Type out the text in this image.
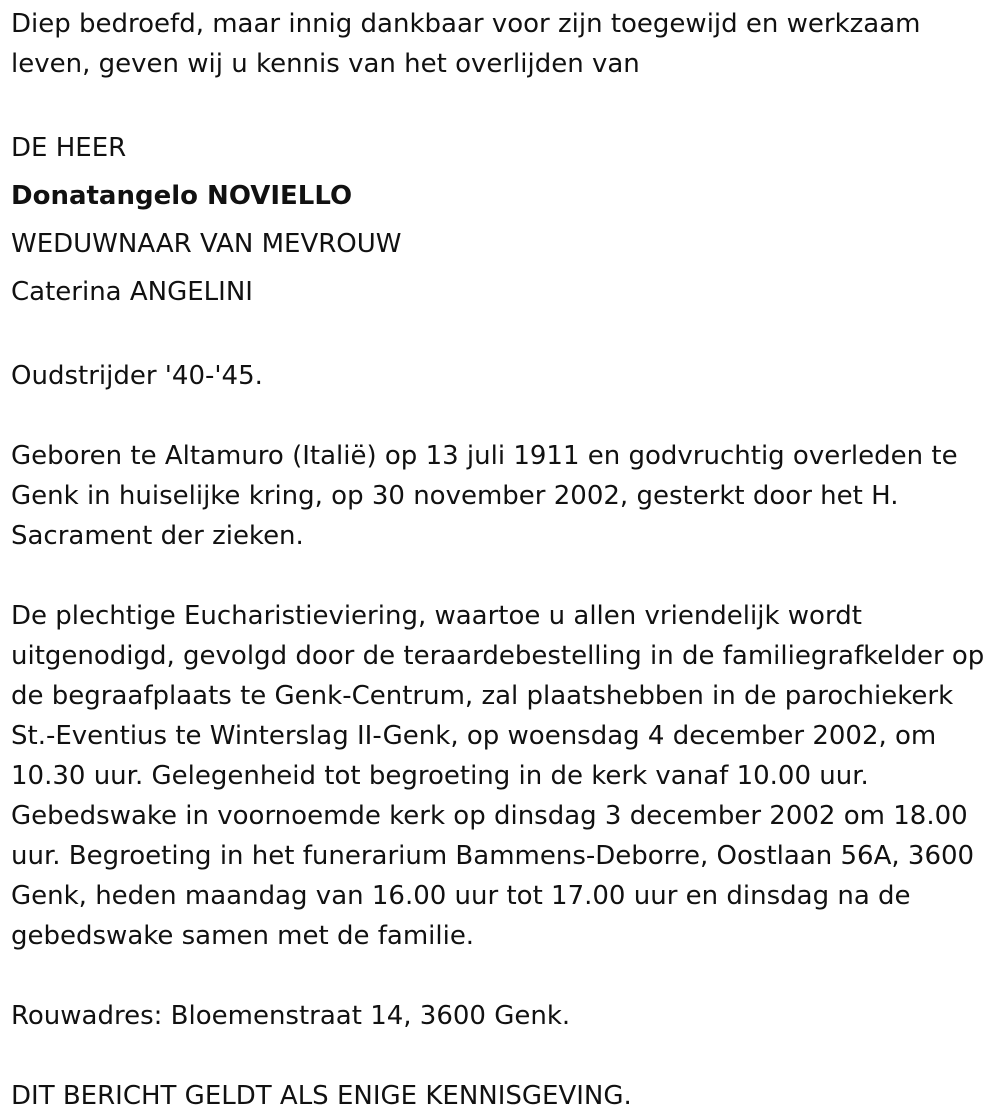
Diep bedroefd, maar innig dankbaar voor zijn toegewijd en werkzaam leven, geven wij u kennis van het overlijden van

DE HEER

Donatangelo NOVIELLO

WEDUWNAAR VAN MEVROUW

Caterina ANGELINI

Oudstrijder '40-'45.

Geboren te Altamuro (Italië) op 13 juli 1911 en godvruchtig overleden te Genk in huiselijke kring, op 30 november 2002, gesterkt door het H. Sacrament der zieken.

De plechtige Eucharistieviering, waartoe u allen vriendelijk wordt uitgenodigd, gevolgd door de teraardebestelling in de familiegrafkelder op de begraafplaats te Genk-Centrum, zal plaatshebben in de parochiekerk St.-Eventius te Winterslag II-Genk, op woensdag 4 december 2002, om 10.30 uur. Gelegenheid tot begroeting in de kerk vanaf 10.00 uur. Gebedswake in voornoemde kerk op dinsdag 3 december 2002 om 18.00 uur. Begroeting in het funerarium Bammens-Deborre, Oostlaan 56A, 3600 Genk, heden maandag van 16.00 uur tot 17.00 uur en dinsdag na de gebedswake samen met de familie.

Rouwadres: Bloemenstraat 14, 3600 Genk.

DIT BERICHT GELDT ALS ENIGE KENNISGEVING.
